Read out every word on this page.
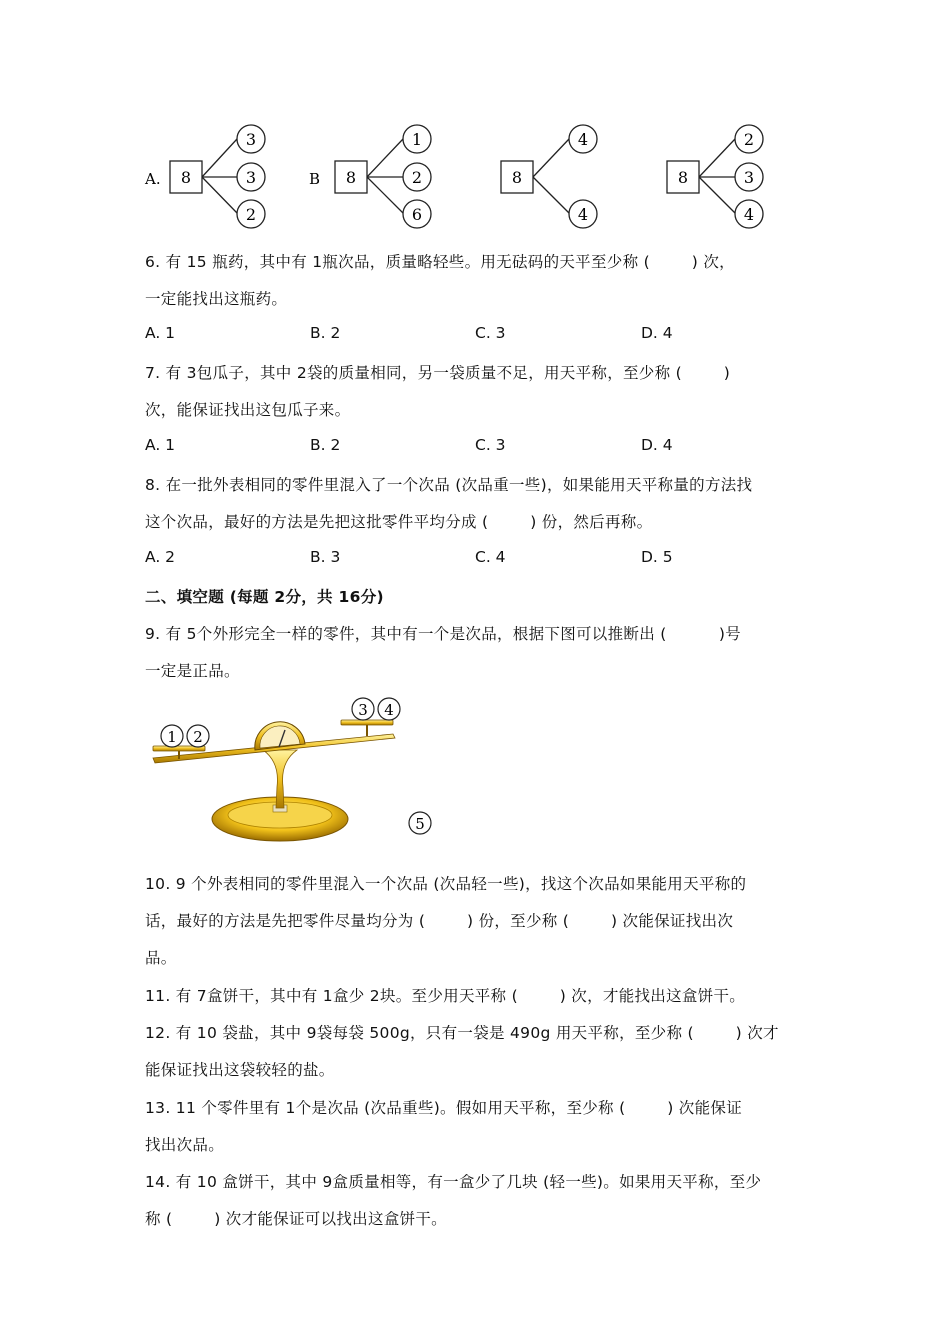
A. 8
3
3
2
B 8
1
2
6
8
4
4
8
2
3
4
6. 有 15 瓶药，其中有 1瓶次品，质量略轻些。用无砝码的天平至少称 (        ) 次，
一定能找出这瓶药。
A. 1	B. 2	C. 3	D. 4
7. 有 3包瓜子，其中 2袋的质量相同，另一袋质量不足，用天平称，至少称 (        )
次，能保证找出这包瓜子来。
A. 1	B. 2	C. 3	D. 4
8. 在一批外表相同的零件里混入了一个次品 (次品重一些)，如果能用天平称量的方法找
这个次品，最好的方法是先把这批零件平均分成 (        ) 份，然后再称。
A. 2	B. 3	C. 4	D. 5
二、填空题 (每题 2分，共 16分)
9. 有 5个外形完全一样的零件，其中有一个是次品，根据下图可以推断出 (          )号
一定是正品。
1 2
3 4
5
10. 9 个外表相同的零件里混入一个次品 (次品轻一些)，找这个次品如果能用天平称的
话，最好的方法是先把零件尽量均分为 (        ) 份，至少称 (        ) 次能保证找出次
品。
11. 有 7盒饼干，其中有 1盒少 2块。至少用天平称 (        ) 次，才能找出这盒饼干。
12. 有 10 袋盐，其中 9袋每袋 500g，只有一袋是 490g 用天平称，至少称 (        ) 次才
能保证找出这袋较轻的盐。
13. 11 个零件里有 1个是次品 (次品重些)。假如用天平称，至少称 (        ) 次能保证
找出次品。
14. 有 10 盒饼干，其中 9盒质量相等，有一盒少了几块 (轻一些)。如果用天平称，至少
称 (        ) 次才能保证可以找出这盒饼干。
